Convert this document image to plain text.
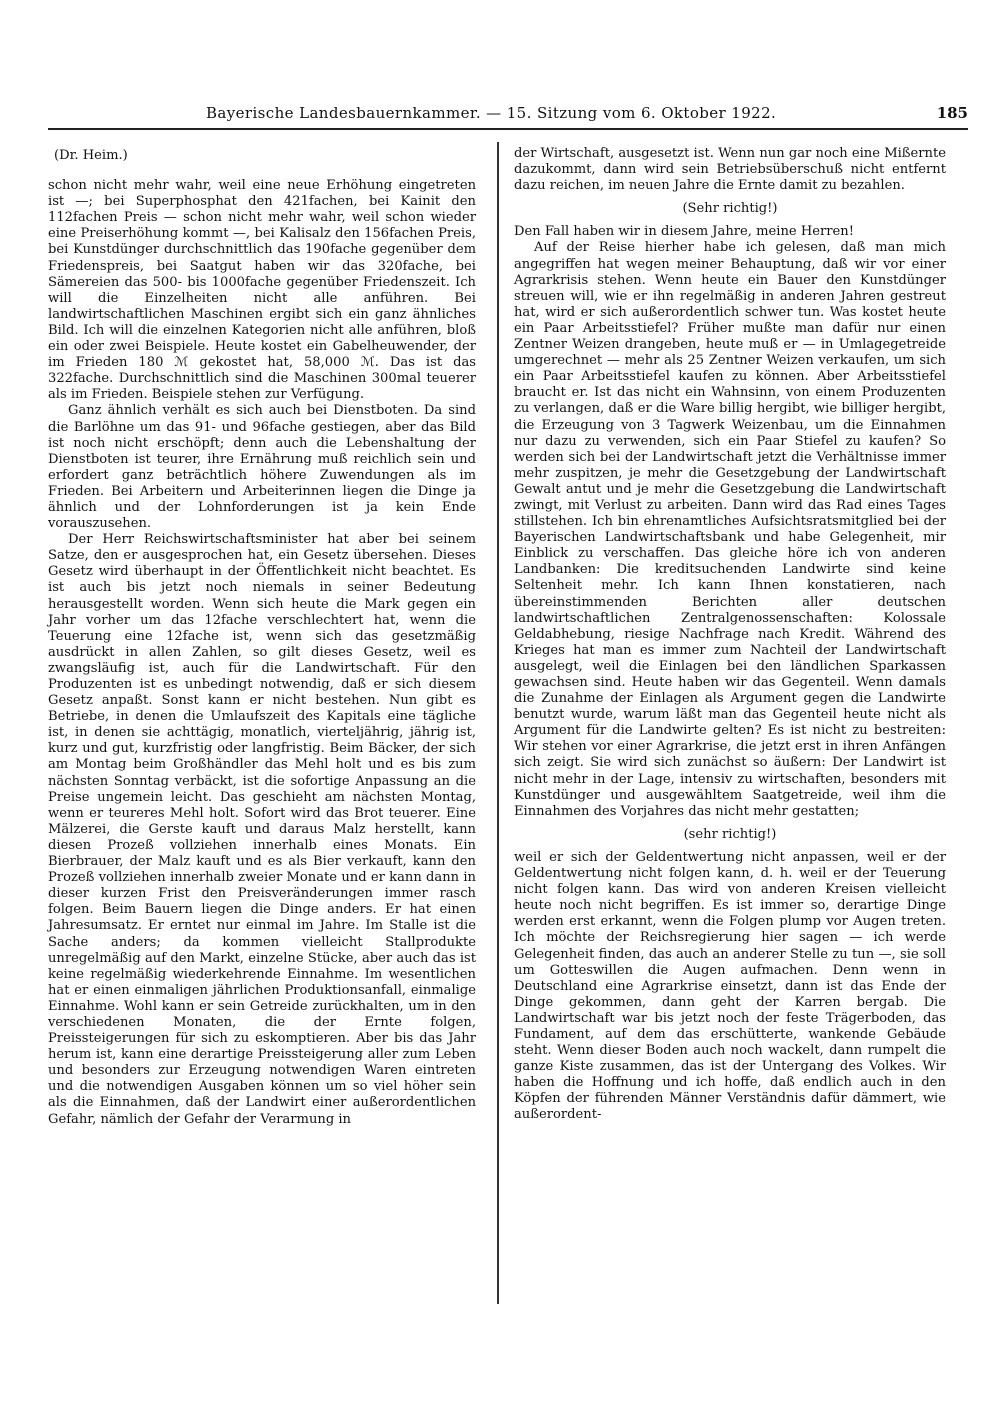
Bayerische Landesbauernkammer. — 15. Sitzung vom 6. Oktober 1922.	185

(Dr. Heim.)

schon nicht mehr wahr, weil eine neue Erhöhung eingetreten ist —; bei Superphosphat den 421fachen, bei Kainit den 112fachen Preis — schon nicht mehr wahr, weil schon wieder eine Preiserhöhung kommt —, bei Kalisalz den 156fachen Preis, bei Kunstdünger durchschnittlich das 190fache gegenüber dem Friedenspreis, bei Saatgut haben wir das 320fache, bei Sämereien das 500- bis 1000fache gegenüber Friedenszeit. Ich will die Einzelheiten nicht alle anführen. Bei landwirtschaftlichen Maschinen ergibt sich ein ganz ähnliches Bild. Ich will die einzelnen Kategorien nicht alle anführen, bloß ein oder zwei Beispiele. Heute kostet ein Gabelheuwender, der im Frieden 180 ℳ gekostet hat, 58,000 ℳ. Das ist das 322fache. Durchschnittlich sind die Maschinen 300mal teuerer als im Frieden. Beispiele stehen zur Verfügung.

Ganz ähnlich verhält es sich auch bei Dienstboten. Da sind die Barlöhne um das 91- und 96fache gestiegen, aber das Bild ist noch nicht erschöpft; denn auch die Lebenshaltung der Dienstboten ist teurer, ihre Ernährung muß reichlich sein und erfordert ganz beträchtlich höhere Zuwendungen als im Frieden. Bei Arbeitern und Arbeiterinnen liegen die Dinge ja ähnlich und der Lohnforderungen ist ja kein Ende vorauszusehen.

Der Herr Reichswirtschaftsminister hat aber bei seinem Satze, den er ausgesprochen hat, ein Gesetz übersehen. Dieses Gesetz wird überhaupt in der Öffentlichkeit nicht beachtet. Es ist auch bis jetzt noch niemals in seiner Bedeutung herausgestellt worden. Wenn sich heute die Mark gegen ein Jahr vorher um das 12fache verschlechtert hat, wenn die Teuerung eine 12fache ist, wenn sich das gesetzmäßig ausdrückt in allen Zahlen, so gilt dieses Gesetz, weil es zwangsläufig ist, auch für die Landwirtschaft. Für den Produzenten ist es unbedingt notwendig, daß er sich diesem Gesetz anpaßt. Sonst kann er nicht bestehen. Nun gibt es Betriebe, in denen die Umlaufszeit des Kapitals eine tägliche ist, in denen sie achttägig, monatlich, vierteljährig, jährig ist, kurz und gut, kurzfristig oder langfristig. Beim Bäcker, der sich am Montag beim Großhändler das Mehl holt und es bis zum nächsten Sonntag verbäckt, ist die sofortige Anpassung an die Preise ungemein leicht. Das geschieht am nächsten Montag, wenn er teureres Mehl holt. Sofort wird das Brot teuerer. Eine Mälzerei, die Gerste kauft und daraus Malz herstellt, kann diesen Prozeß vollziehen innerhalb eines Monats. Ein Bierbrauer, der Malz kauft und es als Bier verkauft, kann den Prozeß vollziehen innerhalb zweier Monate und er kann dann in dieser kurzen Frist den Preisveränderungen immer rasch folgen. Beim Bauern liegen die Dinge anders. Er hat einen Jahresumsatz. Er erntet nur einmal im Jahre. Im Stalle ist die Sache anders; da kommen vielleicht Stallprodukte unregelmäßig auf den Markt, einzelne Stücke, aber auch das ist keine regelmäßig wiederkehrende Einnahme. Im wesentlichen hat er einen einmaligen jährlichen Produktionsanfall, einmalige Einnahme. Wohl kann er sein Getreide zurückhalten, um in den verschiedenen Monaten, die der Ernte folgen, Preissteigerungen für sich zu eskomptieren. Aber bis das Jahr herum ist, kann eine derartige Preissteigerung aller zum Leben und besonders zur Erzeugung notwendigen Waren eintreten und die notwendigen Ausgaben können um so viel höher sein als die Einnahmen, daß der Landwirt einer außerordentlichen Gefahr, nämlich der Gefahr der Verarmung in

der Wirtschaft, ausgesetzt ist. Wenn nun gar noch eine Mißernte dazukommt, dann wird sein Betriebsüberschuß nicht entfernt dazu reichen, im neuen Jahre die Ernte damit zu bezahlen.

(Sehr richtig!)

Den Fall haben wir in diesem Jahre, meine Herren!

Auf der Reise hierher habe ich gelesen, daß man mich angegriffen hat wegen meiner Behauptung, daß wir vor einer Agrarkrisis stehen. Wenn heute ein Bauer den Kunstdünger streuen will, wie er ihn regelmäßig in anderen Jahren gestreut hat, wird er sich außerordentlich schwer tun. Was kostet heute ein Paar Arbeitsstiefel? Früher mußte man dafür nur einen Zentner Weizen drangeben, heute muß er — in Umlagegetreide umgerechnet — mehr als 25 Zentner Weizen verkaufen, um sich ein Paar Arbeitsstiefel kaufen zu können. Aber Arbeitsstiefel braucht er. Ist das nicht ein Wahnsinn, von einem Produzenten zu verlangen, daß er die Ware billig hergibt, wie billiger hergibt, die Erzeugung von 3 Tagwerk Weizenbau, um die Einnahmen nur dazu zu verwenden, sich ein Paar Stiefel zu kaufen? So werden sich bei der Landwirtschaft jetzt die Verhältnisse immer mehr zuspitzen, je mehr die Gesetzgebung der Landwirtschaft Gewalt antut und je mehr die Gesetzgebung die Landwirtschaft zwingt, mit Verlust zu arbeiten. Dann wird das Rad eines Tages stillstehen. Ich bin ehrenamtliches Aufsichtsratsmitglied bei der Bayerischen Landwirtschaftsbank und habe Gelegenheit, mir Einblick zu verschaffen. Das gleiche höre ich von anderen Landbanken: Die kreditsuchenden Landwirte sind keine Seltenheit mehr. Ich kann Ihnen konstatieren, nach übereinstimmenden Berichten aller deutschen landwirtschaftlichen Zentralgenossenschaften: Kolossale Geldabhebung, riesige Nachfrage nach Kredit. Während des Krieges hat man es immer zum Nachteil der Landwirtschaft ausgelegt, weil die Einlagen bei den ländlichen Sparkassen gewachsen sind. Heute haben wir das Gegenteil. Wenn damals die Zunahme der Einlagen als Argument gegen die Landwirte benutzt wurde, warum läßt man das Gegenteil heute nicht als Argument für die Landwirte gelten? Es ist nicht zu bestreiten: Wir stehen vor einer Agrarkrise, die jetzt erst in ihren Anfängen sich zeigt. Sie wird sich zunächst so äußern: Der Landwirt ist nicht mehr in der Lage, intensiv zu wirtschaften, besonders mit Kunstdünger und ausgewähltem Saatgetreide, weil ihm die Einnahmen des Vorjahres das nicht mehr gestatten;

(sehr richtig!)

weil er sich der Geldentwertung nicht anpassen, weil er der Geldentwertung nicht folgen kann, d. h. weil er der Teuerung nicht folgen kann. Das wird von anderen Kreisen vielleicht heute noch nicht begriffen. Es ist immer so, derartige Dinge werden erst erkannt, wenn die Folgen plump vor Augen treten. Ich möchte der Reichsregierung hier sagen — ich werde Gelegenheit finden, das auch an anderer Stelle zu tun —, sie soll um Gotteswillen die Augen aufmachen. Denn wenn in Deutschland eine Agrarkrise einsetzt, dann ist das Ende der Dinge gekommen, dann geht der Karren bergab. Die Landwirtschaft war bis jetzt noch der feste Trägerboden, das Fundament, auf dem das erschütterte, wankende Gebäude steht. Wenn dieser Boden auch noch wackelt, dann rumpelt die ganze Kiste zusammen, das ist der Untergang des Volkes. Wir haben die Hoffnung und ich hoffe, daß endlich auch in den Köpfen der führenden Männer Verständnis dafür dämmert, wie außerordent-
